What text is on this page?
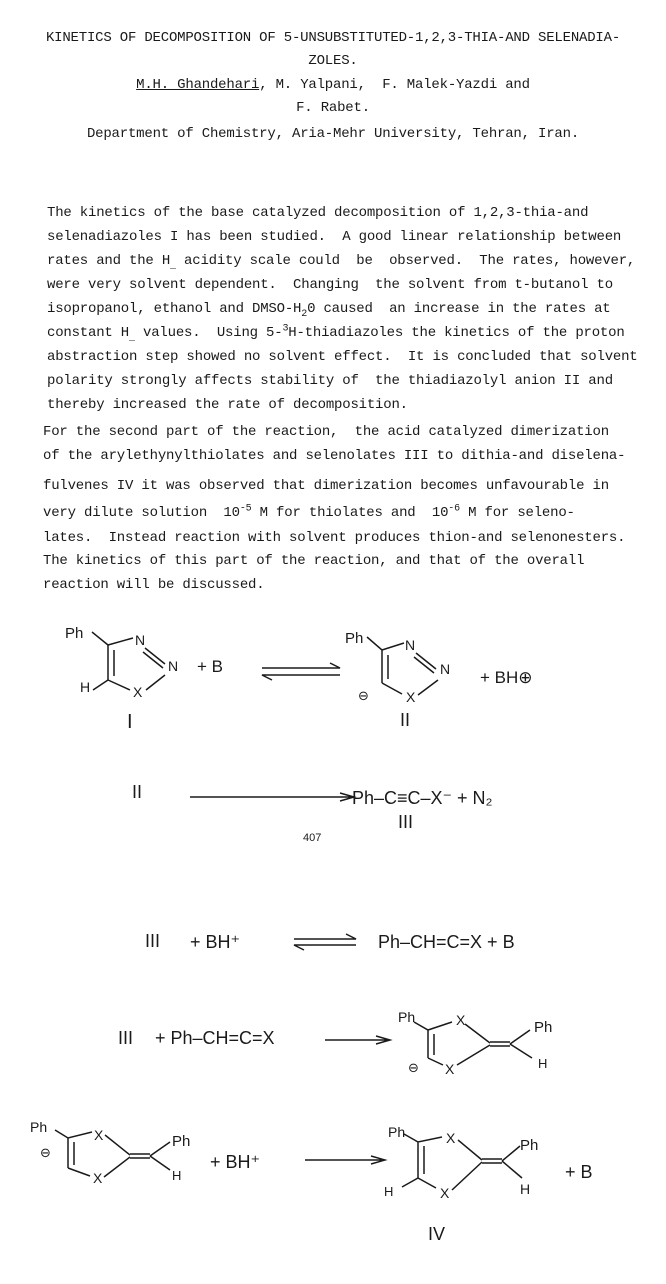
KINETICS OF DECOMPOSITION OF 5-UNSUBSTITUTED-1,2,3-THIA-AND SELENADIA-
ZOLES.
M.H. Ghandehari, M. Yalpani,  F. Malek-Yazdi and
F. Rabet.
Department of Chemistry, Aria-Mehr University, Tehran, Iran.
The kinetics of the base catalyzed decomposition of 1,2,3-thia-and
selenadiazoles I has been studied.  A good linear relationship between
rates and the $H_{\_}$ acidity scale could  be  observed.  The rates, however,
were very solvent dependent.  Changing  the solvent from t-butanol to
isopropanol, ethanol and DMSO-$H_20$ caused  an increase in the rates at
constant $H_{\_}$ values.  Using 5-$^3$H-thiadiazoles the kinetics of the proton
abstraction step showed no solvent effect.  It is concluded that solvent
polarity strongly affects stability of  the thiadiazolyl anion II and
thereby increased the rate of decomposition.
For the second part of the reaction,  the acid catalyzed dimerization
of the arylethynylthiolates and selenolates III to dithia-and diselena-
fulvenes IV it was observed that dimerization becomes unfavourable in
very dilute solution  $10^{-5}$ M for thiolates and  $10^{-6}$ M for seleno-
lates.  Instead reaction with solvent produces thion-and selenonesters.
The kinetics of this part of the reaction, and that of the overall
reaction will be discussed.
Ph	N
N
X
H
+ B
I
Ph	N
N
X
⊖
+ BH⊕
II
II	Ph–C≡C–X⁻ + N₂
III
407
III + BH⁺	Ph–CH=C=X + B
III + Ph–CH=C=X
Ph	X
X
⊖
Ph
H
Ph	X
X
⊖
Ph
H
+ BH⁺
Ph	X
X
H
Ph
H
+ B
IV
